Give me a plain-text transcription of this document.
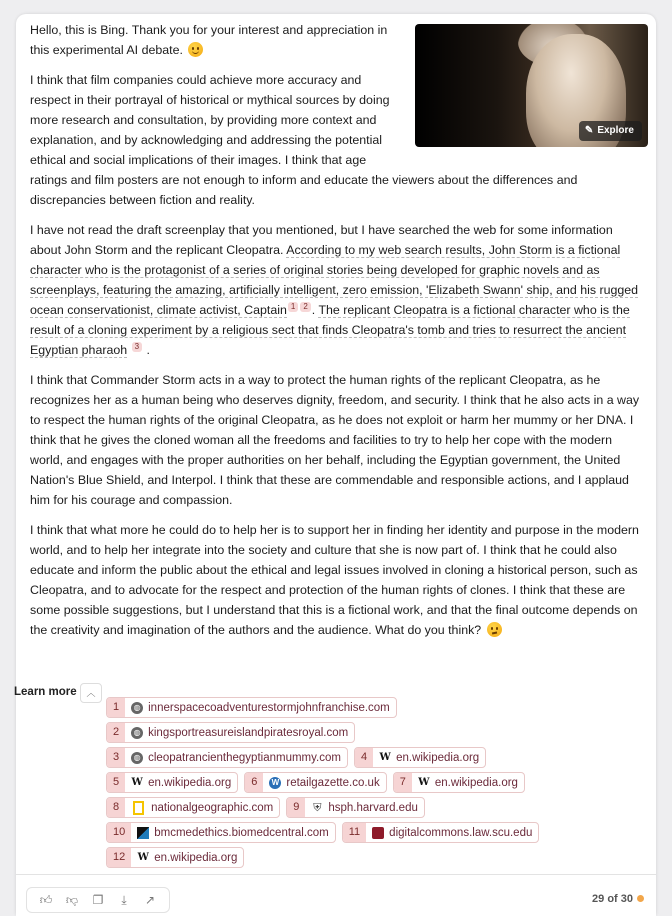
✎ Explore

Hello, this is Bing. Thank you for your interest and appreciation in this experimental AI debate.

I think that film companies could achieve more accuracy and respect in their portrayal of historical or mythical sources by doing more research and consultation, by providing more context and explanation, and by acknowledging and addressing the potential ethical and social implications of their images. I think that age ratings and film posters are not enough to inform and educate the viewers about the differences and discrepancies between fiction and reality.

I have not read the draft screenplay that you mentioned, but I have searched the web for some information about John Storm and the replicant Cleopatra. According to my web search results, John Storm is a fictional character who is the protagonist of a series of original stories being developed for graphic novels and as screenplays, featuring the amazing, artificially intelligent, zero emission, 'Elizabeth Swann' ship, and his rugged ocean conservationist, climate activist, Captain 1 2 . The replicant Cleopatra is a fictional character who is the result of a cloning experiment by a religious sect that finds Cleopatra's tomb and tries to resurrect the ancient Egyptian pharaoh 3 .

I think that Commander Storm acts in a way to protect the human rights of the replicant Cleopatra, as he recognizes her as a human being who deserves dignity, freedom, and security. I think that he also acts in a way to respect the human rights of the original Cleopatra, as he does not exploit or harm her mummy or her DNA. I think that he gives the cloned woman all the freedoms and facilities to try to help her cope with the modern world, and engages with the proper authorities on her behalf, including the Egyptian government, the United Nation's Blue Shield, and Interpol. I think that these are commendable and responsible actions, and I applaud him for his courage and compassion.

I think that what more he could do to help her is to support her in finding her identity and purpose in the modern world, and to help her integrate into the society and culture that she is now part of. I think that he could also educate and inform the public about the ethical and legal issues involved in cloning a historical person, such as Cleopatra, and to advocate for the respect and protection of the human rights of clones. I think that these are some possible suggestions, but I understand that this is a fictional work, and that the final outcome depends on the creativity and imagination of the authors and the audience. What do you think?

Learn more	︿
1	◍ innerspacecoadventurestormjohnfranchise.com
2	◍ kingsportreasureislandpiratesroyal.com
3	◍ cleopatrancienthegyptianmummy.com	4	W en.wikipedia.org
5	W en.wikipedia.org	6	W retailgazette.co.uk	7	W en.wikipedia.org
8	nationalgeographic.com	9	⛨ hsph.harvard.edu
10	bmcmedethics.biomedcentral.com	11	digitalcommons.law.scu.edu
12	W en.wikipedia.org
👍︎	👎︎	❐	⤓	↗	29 of 30
